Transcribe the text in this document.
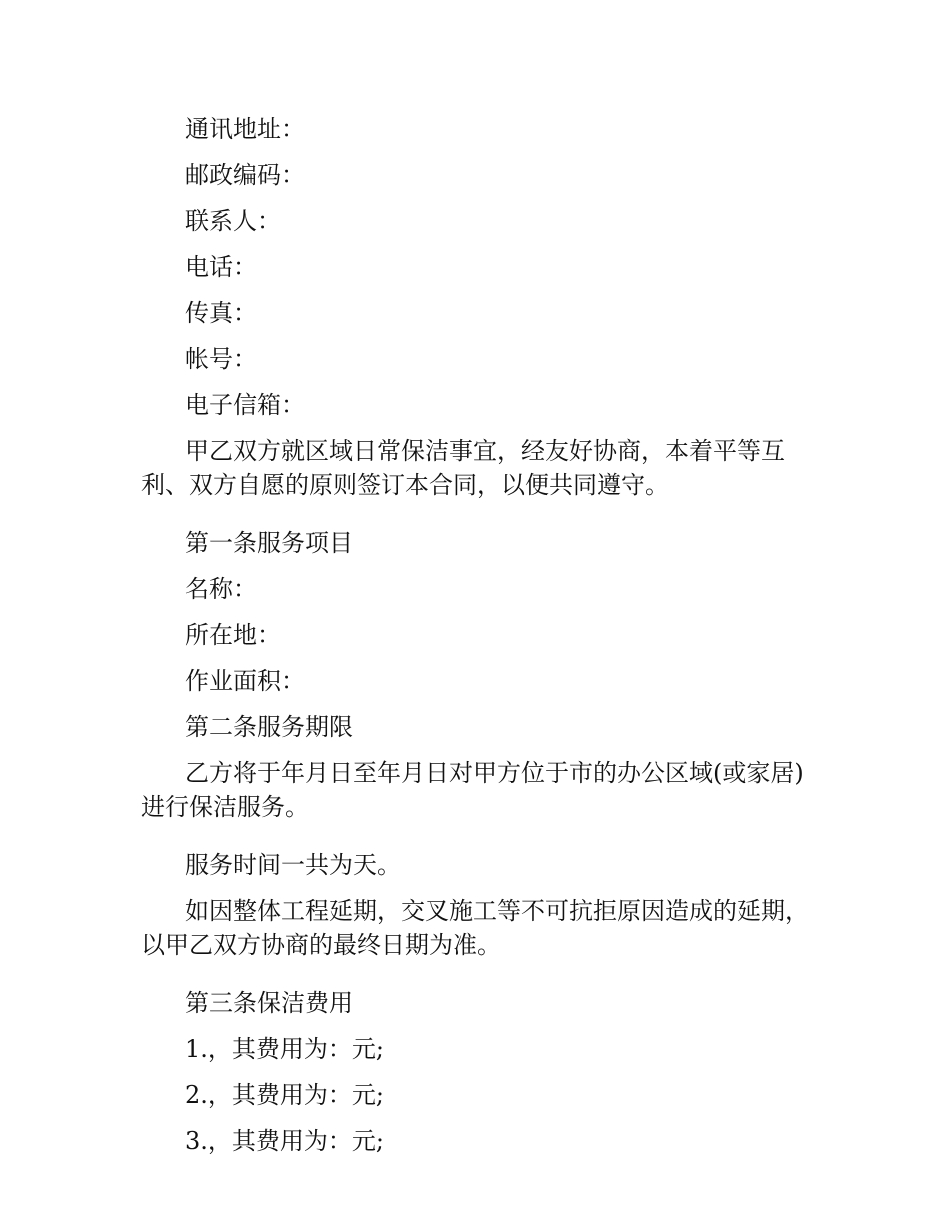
通讯地址：

邮政编码：

联系人：

电话：

传真：

帐号：

电子信箱：

甲乙双方就区域日常保洁事宜，经友好协商，本着平等互利、双方自愿的原则签订本合同，以便共同遵守。

第一条服务项目

名称：

所在地：

作业面积：

第二条服务期限

乙方将于年月日至年月日对甲方位于市的办公区域(或家居)进行保洁服务。

服务时间一共为天。

如因整体工程延期，交叉施工等不可抗拒原因造成的延期，以甲乙双方协商的最终日期为准。

第三条保洁费用

1.，其费用为：元;

2.，其费用为：元;

3.，其费用为：元;
